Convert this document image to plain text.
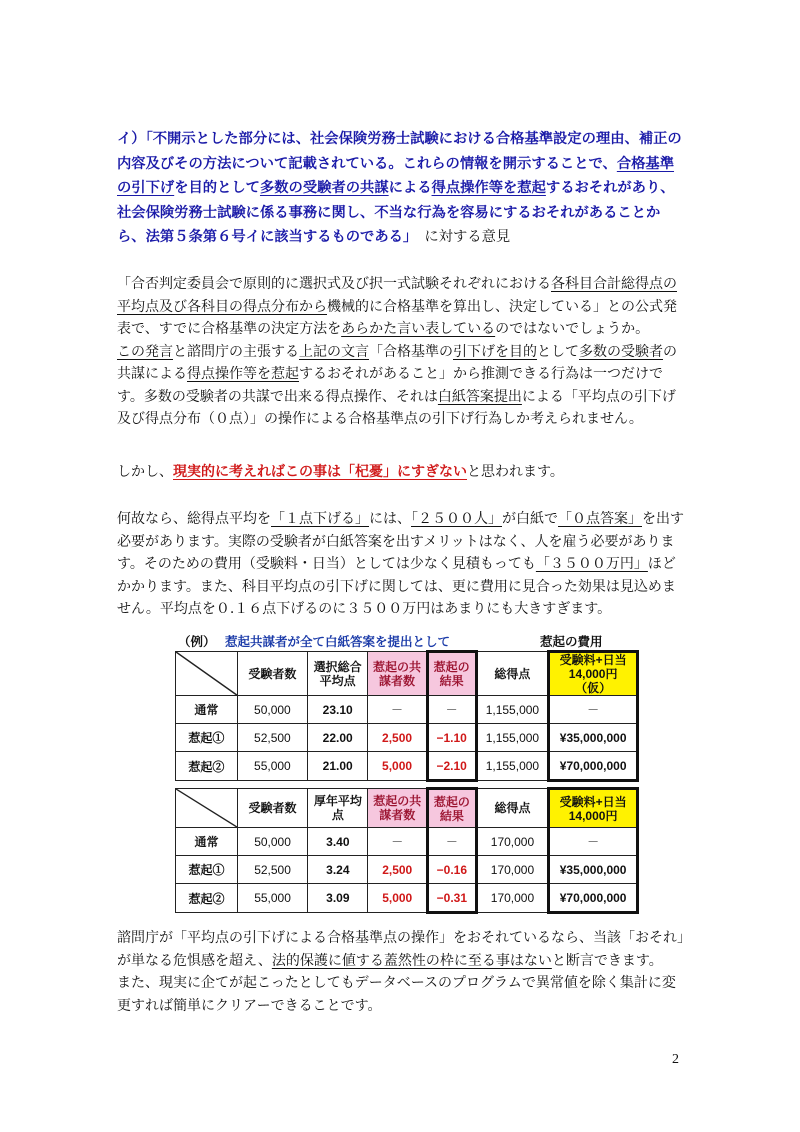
イ）「不開示とした部分には、社会保険労務士試験における合格基準設定の理由、補正の内容及びその方法について記載されている。これらの情報を開示することで、合格基準の引下げを目的として多数の受験者の共謀による得点操作等を惹起するおそれがあり、社会保険労務士試験に係る事務に関し、不当な行為を容易にするおそれがあることから、法第５条第６号イに該当するものである」　に対する意見
「合否判定委員会で原則的に選択式及び択一式試験それぞれにおける各科目合計総得点の平均点及び各科目の得点分布から機械的に合格基準を算出し、決定している」との公式発表で、すでに合格基準の決定方法をあらかた言い表しているのではないでしょうか。
この発言と諮問庁の主張する上記の文言「合格基準の引下げを目的として多数の受験者の共謀による得点操作等を惹起するおそれがあること」から推測できる行為は一つだけです。多数の受験者の共謀で出来る得点操作、それは白紙答案提出による「平均点の引下げ及び得点分布（０点）」の操作による合格基準点の引下げ行為しか考えられません。
しかし、現実的に考えればこの事は「杞憂」にすぎないと思われます。
何故なら、総得点平均を「１点下げる」には、「２５００人」が白紙で「０点答案」を出す必要があります。実際の受験者が白紙答案を出すメリットはなく、人を雇う必要があります。そのための費用（受験料・日当）としては少なく見積もっても「３５００万円」ほどかかります。また、科目平均点の引下げに関しては、更に費用に見合った効果は見込めません。平均点を０.１６点下げるのに３５００万円はあまりにも大きすぎます。
（例） 惹起共謀者が全て白紙答案を提出として	惹起の費用
	受験者数	選択総合平均点	惹起の共謀者数	惹起の結果	総得点	受験料+日当 14,000円（仮）
通常	50,000	23.10	－	－	1,155,000	－
惹起①	52,500	22.00	2,500	−1.10	1,155,000	¥35,000,000
惹起②	55,000	21.00	5,000	−2.10	1,155,000	¥70,000,000
	受験者数	厚年平均点	惹起の共謀者数	惹起の結果	総得点	受験料+日当 14,000円
通常	50,000	3.40	－	－	170,000	－
惹起①	52,500	3.24	2,500	−0.16	170,000	¥35,000,000
惹起②	55,000	3.09	5,000	−0.31	170,000	¥70,000,000
諮問庁が「平均点の引下げによる合格基準点の操作」をおそれているなら、当該「おそれ」が単なる危惧感を超え、法的保護に値する蓋然性の枠に至る事はないと断言できます。
また、現実に企てが起こったとしてもデータベースのプログラムで異常値を除く集計に変更すれば簡単にクリアーできることです。
2
